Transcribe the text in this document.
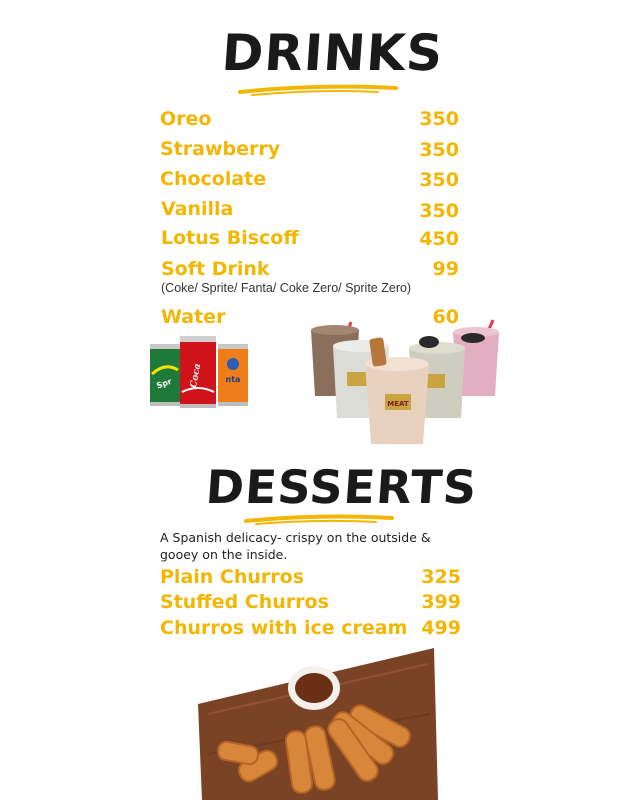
DRINKS
Oreo	350
Strawberry	350
Chocolate	350
Vanilla	350
Lotus Biscoff	450
Soft Drink	99
(Coke/ Sprite/ Fanta/ Coke Zero/ Sprite Zero)
Water	60
Spr	nta
Coca
MEAT
DESSERTS
A Spanish delicacy- crispy on the outside & gooey on the inside.
Plain Churros	325
Stuffed Churros	399
Churros with ice cream 499
